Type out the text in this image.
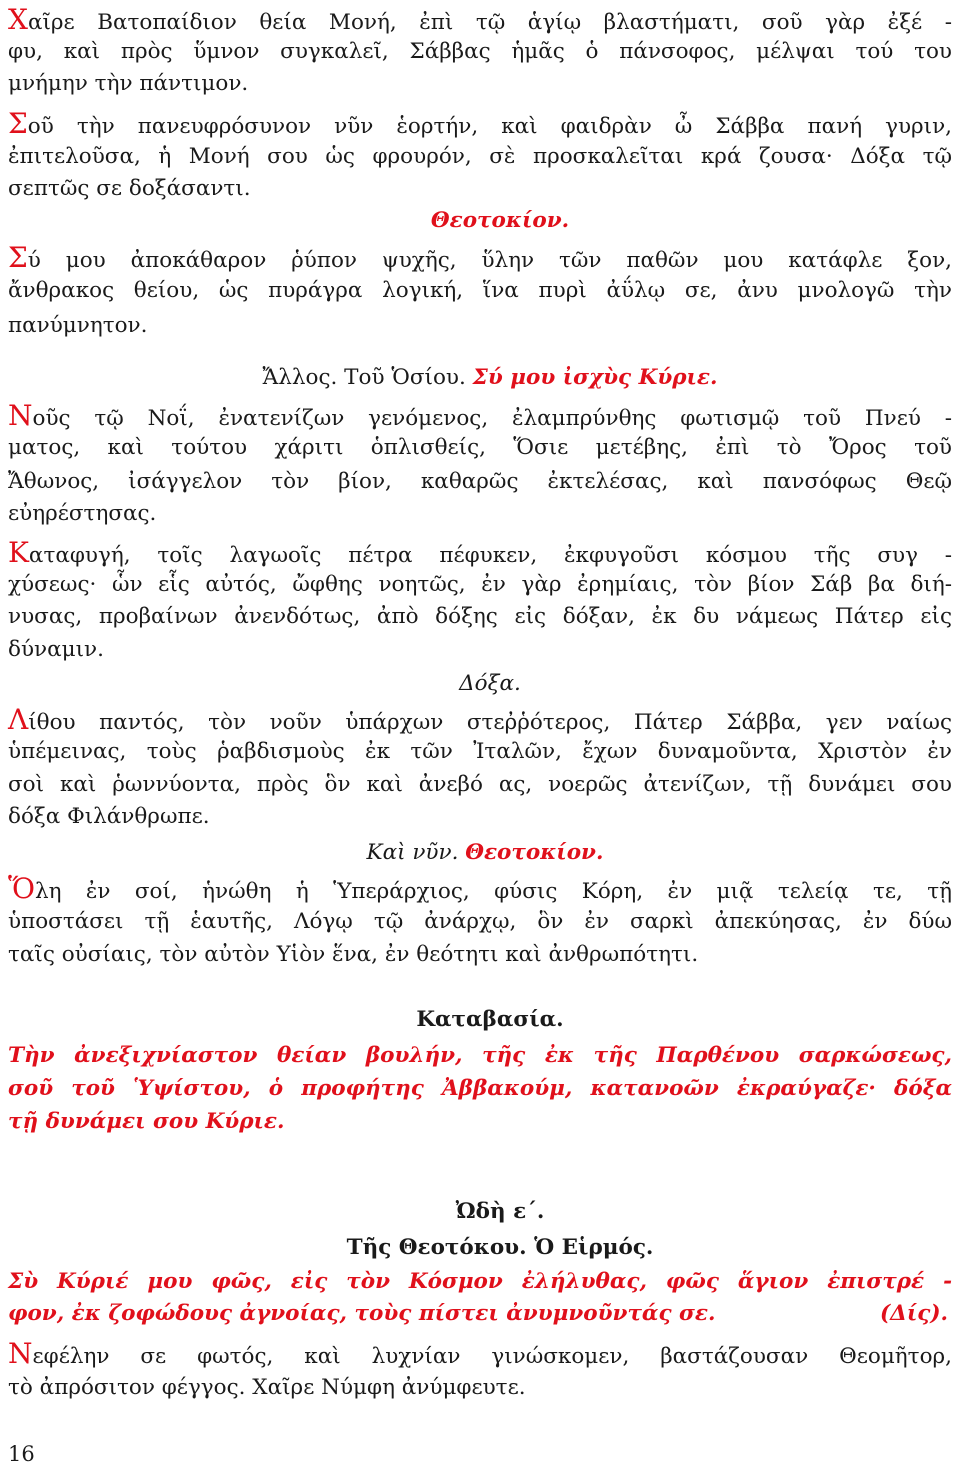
Χαῖρε Βατοπαίδιον θεία Μονή, ἐπὶ τῷ ἁγίῳ βλαστήματι, σοῦ γὰρ ἐξέ -
φυ, καὶ πρὸς ὕμνον συγκαλεῖ, Σάββας ἡμᾶς ὁ πάνσοφος, μέλψαι τού του
μνήμην τὴν πάντιμον.
Σοῦ τὴν πανευφρόσυνον νῦν ἑορτήν, καὶ φαιδρὰν ὦ Σάββα πανή γυριν,
ἐπιτελοῦσα, ἡ Μονή σου ὡς φρουρόν, σὲ προσκαλεῖται κρά ζουσα· Δόξα τῷ
σεπτῶς σε δοξάσαντι.
Θεοτοκίον.
Σύ μου ἀποκάθαρον ῥύπον ψυχῆς, ὕλην τῶν παθῶν μου κατάφλε ξον,
ἄνθρακος θείου, ὡς πυράγρα λογική, ἵνα πυρὶ ἀΰλῳ σε, ἀνυ μνολογῶ τὴν
πανύμνητον.
Ἄλλος. Τοῦ Ὁσίου. Σύ μου ἰσχὺς Κύριε.
Νοῦς τῷ Νοΐ, ἐνατενίζων γενόμενος, ἐλαμπρύνθης φωτισμῷ τοῦ Πνεύ -
ματος, καὶ τούτου χάριτι ὁπλισθείς, Ὅσιε μετέβης, ἐπὶ τὸ Ὄρος τοῦ
Ἄθωνος, ἰσάγγελον τὸν βίον, καθαρῶς ἐκτελέσας, καὶ πανσόφως Θεῷ
εὐηρέστησας.
Καταφυγή, τοῖς λαγωοῖς πέτρα πέφυκεν, ἐκφυγοῦσι κόσμου τῆς συγ -
χύσεως· ὧν εἷς αὐτός, ὤφθης νοητῶς, ἐν γὰρ ἐρημίαις, τὸν βίον Σάβ βα διή-
νυσας, προβαίνων ἀνενδότως, ἀπὸ δόξης εἰς δόξαν, ἐκ δυ νάμεως Πάτερ εἰς
δύναμιν.
Δόξα.
Λίθου παντός, τὸν νοῦν ὑπάρχων στεῤῥότερος, Πάτερ Σάββα, γεν ναίως
ὑπέμεινας, τοὺς ῥαβδισμοὺς ἐκ τῶν Ἰταλῶν, ἔχων δυναμοῦντα, Χριστὸν ἐν
σοὶ καὶ ῥωννύοντα, πρὸς ὃν καὶ ἀνεβό ας, νοερῶς ἀτενίζων, τῇ δυνάμει σου
δόξα Φιλάνθρωπε.
Καὶ νῦν. Θεοτοκίον.
Ὅλη ἐν σοί, ἡνώθη ἡ Ὑπεράρχιος, φύσις Κόρη, ἐν μιᾷ τελείᾳ τε, τῇ
ὑποστάσει τῇ ἑαυτῆς, Λόγῳ τῷ ἀνάρχῳ, ὃν ἐν σαρκὶ ἀπεκύησας, ἐν δύω
ταῖς οὐσίαις, τὸν αὐτὸν Υἱὸν ἕνα, ἐν θεότητι καὶ ἀνθρωπότητι.
Καταβασία.
Τὴν ἀνεξιχνίαστον θείαν βουλήν, τῆς ἐκ τῆς Παρθένου σαρκώσεως,
σοῦ τοῦ Ὑψίστου, ὁ προφήτης Ἀββακούμ, κατανοῶν ἐκραύγαζε· δόξα
τῇ δυνάμει σου Κύριε.
Ὠδὴ ε΄.
Τῆς Θεοτόκου. Ὁ Εἱρμός.
Σὺ Κύριέ μου φῶς, εἰς τὸν Κόσμον ἐλήλυθας, φῶς ἅγιον ἐπιστρέ -
φον, ἐκ ζοφώδους ἀγνοίας, τοὺς πίστει ἀνυμνοῦντάς σε.	(Δίς).
Νεφέλην σε φωτός, καὶ λυχνίαν γινώσκομεν, βαστάζουσαν Θεομῆτορ,
τὸ ἀπρόσιτον φέγγος. Χαῖρε Νύμφη ἀνύμφευτε.
16
